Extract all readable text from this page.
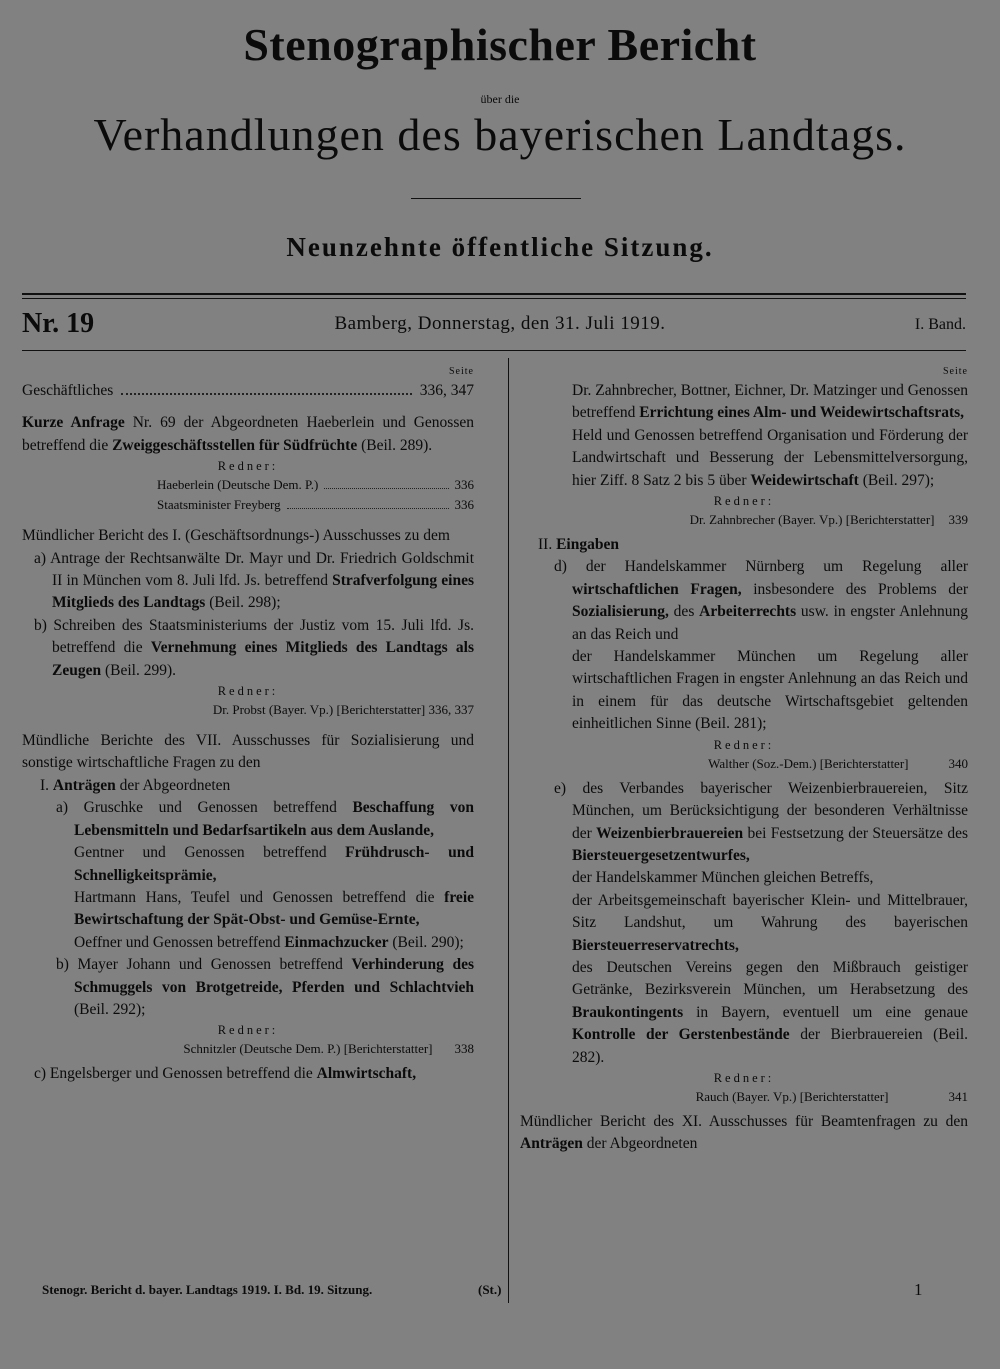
Stenographischer Bericht
über die
Verhandlungen des bayerischen Landtags.
Neunzehnte öffentliche Sitzung.
Nr. 19	Bamberg, Donnerstag, den 31. Juli 1919.	I. Band.
Seite
Geschäftliches	336, 347

Kurze Anfrage Nr. 69 der Abgeordneten Haeberlein und Genossen betreffend die Zweiggeschäftsstellen für Südfrüchte (Beil. 289).

Redner:
Haeberlein (Deutsche Dem. P.)	336
Staatsminister Freyberg	336

Mündlicher Bericht des I. (Geschäftsordnungs-) Ausschusses zu dem

a) Antrage der Rechtsanwälte Dr. Mayr und Dr. Friedrich Goldschmit II in München vom 8. Juli lfd. Js. betreffend Strafverfolgung eines Mitglieds des Landtags (Beil. 298);

b) Schreiben des Staatsministeriums der Justiz vom 15. Juli lfd. Js. betreffend die Vernehmung eines Mitglieds des Landtags als Zeugen (Beil. 299).

Redner:
Dr. Probst (Bayer. Vp.) [Berichterstatter] 336, 337

Mündliche Berichte des VII. Ausschusses für Sozialisierung und sonstige wirtschaftliche Fragen zu den

I. Anträgen der Abgeordneten

a) Gruschke und Genossen betreffend Beschaffung von Lebensmitteln und Bedarfsartikeln aus dem Auslande,

Gentner und Genossen betreffend Frühdrusch- und Schnelligkeitsprämie,

Hartmann Hans, Teufel und Genossen betreffend die freie Bewirtschaftung der Spät-Obst- und Gemüse-Ernte,

Oeffner und Genossen betreffend Einmachzucker (Beil. 290);

b) Mayer Johann und Genossen betreffend Verhinderung des Schmuggels von Brotgetreide, Pferden und Schlachtvieh (Beil. 292);

Redner:
Schnitzler (Deutsche Dem. P.) [Berichterstatter] 338

c) Engelsberger und Genossen betreffend die Almwirtschaft,

Seite

Dr. Zahnbrecher, Bottner, Eichner, Dr. Matzinger und Genossen betreffend Errichtung eines Alm- und Weidewirtschaftsrats,

Held und Genossen betreffend Organisation und Förderung der Landwirtschaft und Besserung der Lebensmittelversorgung, hier Ziff. 8 Satz 2 bis 5 über Weidewirtschaft (Beil. 297);

Redner:
Dr. Zahnbrecher (Bayer. Vp.) [Berichterstatter] 339

II. Eingaben

d) der Handelskammer Nürnberg um Regelung aller wirtschaftlichen Fragen, insbesondere des Problems der Sozialisierung, des Arbeiterrechts usw. in engster Anlehnung an das Reich und

der Handelskammer München um Regelung aller wirtschaftlichen Fragen in engster Anlehnung an das Reich und in einem für das deutsche Wirtschaftsgebiet geltenden einheitlichen Sinne (Beil. 281);

Redner:
Walther (Soz.-Dem.) [Berichterstatter]	340

e) des Verbandes bayerischer Weizenbierbrauereien, Sitz München, um Berücksichtigung der besonderen Verhältnisse der Weizenbierbrauereien bei Festsetzung der Steuersätze des Biersteuergesetzentwurfes,

der Handelskammer München gleichen Betreffs,

der Arbeitsgemeinschaft bayerischer Klein- und Mittelbrauer, Sitz Landshut, um Wahrung des bayerischen Biersteuerreservatrechts,

des Deutschen Vereins gegen den Mißbrauch geistiger Getränke, Bezirksverein München, um Herabsetzung des Braukontingents in Bayern, eventuell um eine genaue Kontrolle der Gerstenbestände der Bierbrauereien (Beil. 282).

Redner:
Rauch (Bayer. Vp.) [Berichterstatter]	341

Mündlicher Bericht des XI. Ausschusses für Beamtenfragen zu den Anträgen der Abgeordneten

Stenogr. Bericht d. bayer. Landtags 1919. I. Bd. 19. Sitzung.	(St.)	1
